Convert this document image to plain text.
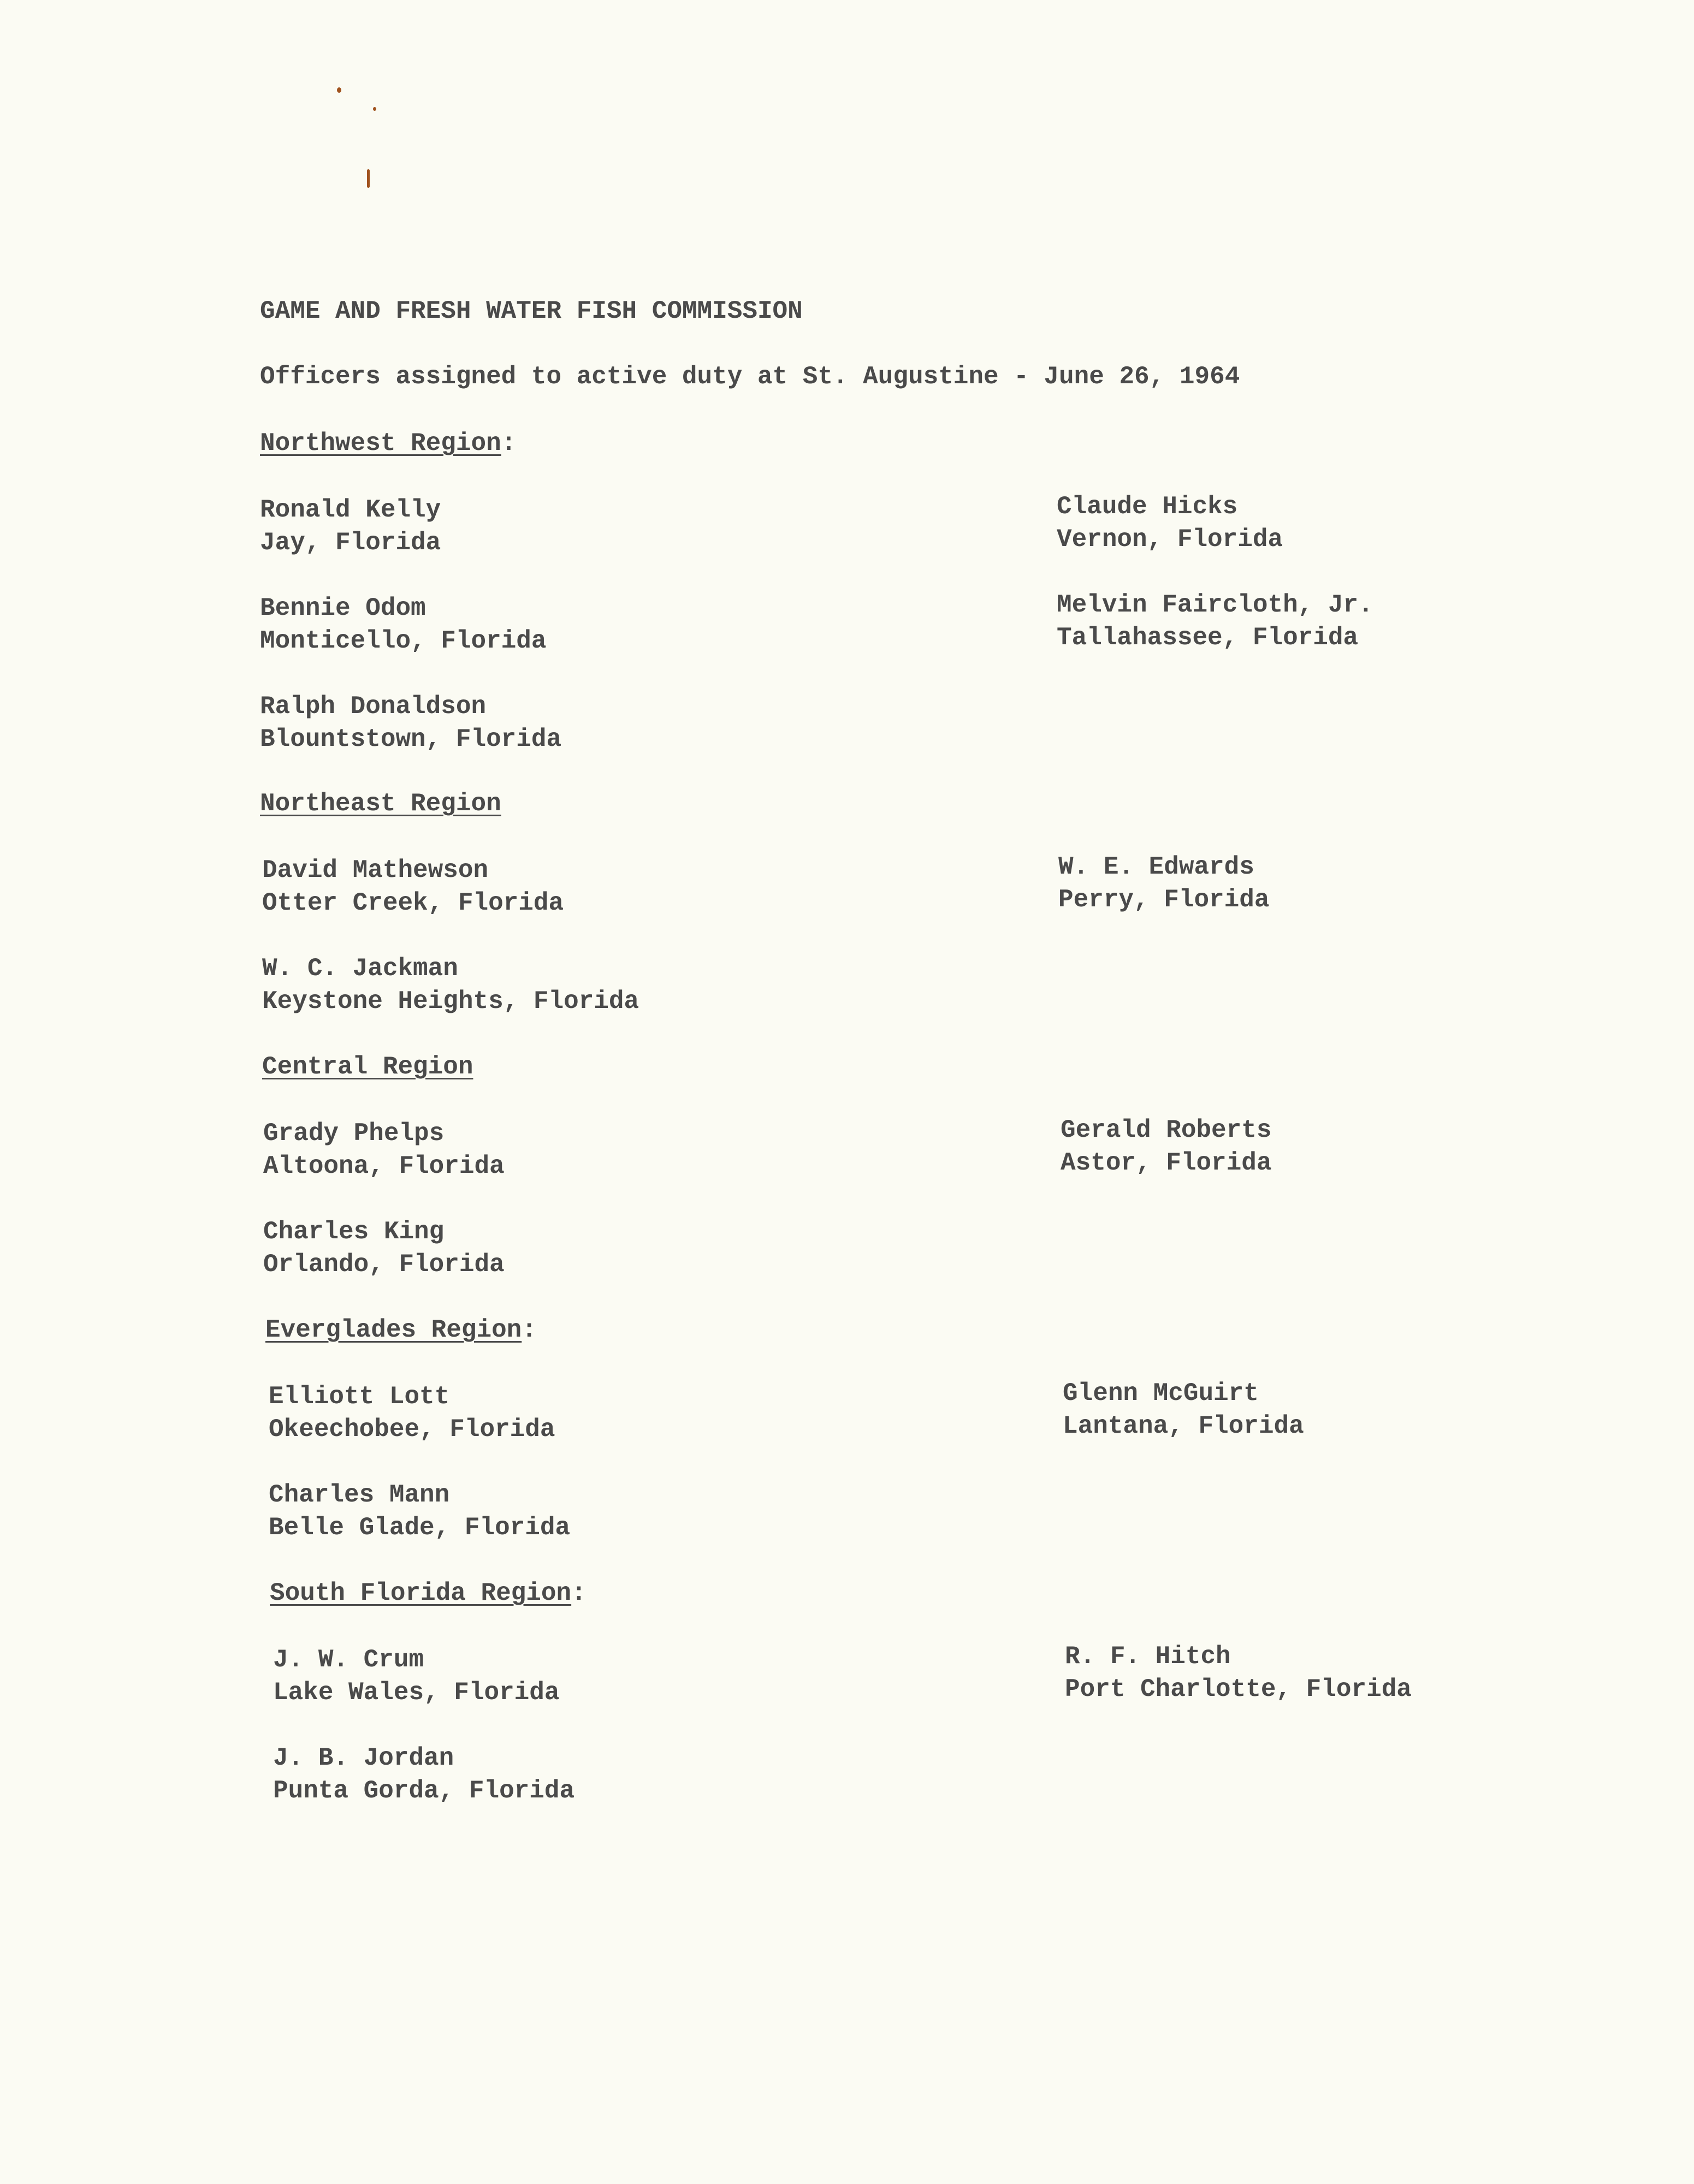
GAME AND FRESH WATER FISH COMMISSION
Officers assigned to active duty at St. Augustine - June 26, 1964
Northwest Region:
Ronald Kelly
Jay, Florida
Bennie Odom
Monticello, Florida
Ralph Donaldson
Blountstown, Florida
Claude Hicks
Vernon, Florida
Melvin Faircloth, Jr.
Tallahassee, Florida
Northeast Region
David Mathewson
Otter Creek, Florida
W. C. Jackman
Keystone Heights, Florida
W. E. Edwards
Perry, Florida
Central Region
Grady Phelps
Altoona, Florida
Charles King
Orlando, Florida
Gerald Roberts
Astor, Florida
Everglades Region:
Elliott Lott
Okeechobee, Florida
Charles Mann
Belle Glade, Florida
Glenn McGuirt
Lantana, Florida
South Florida Region:
J. W. Crum
Lake Wales, Florida
J. B. Jordan
Punta Gorda, Florida
R. F. Hitch
Port Charlotte, Florida
